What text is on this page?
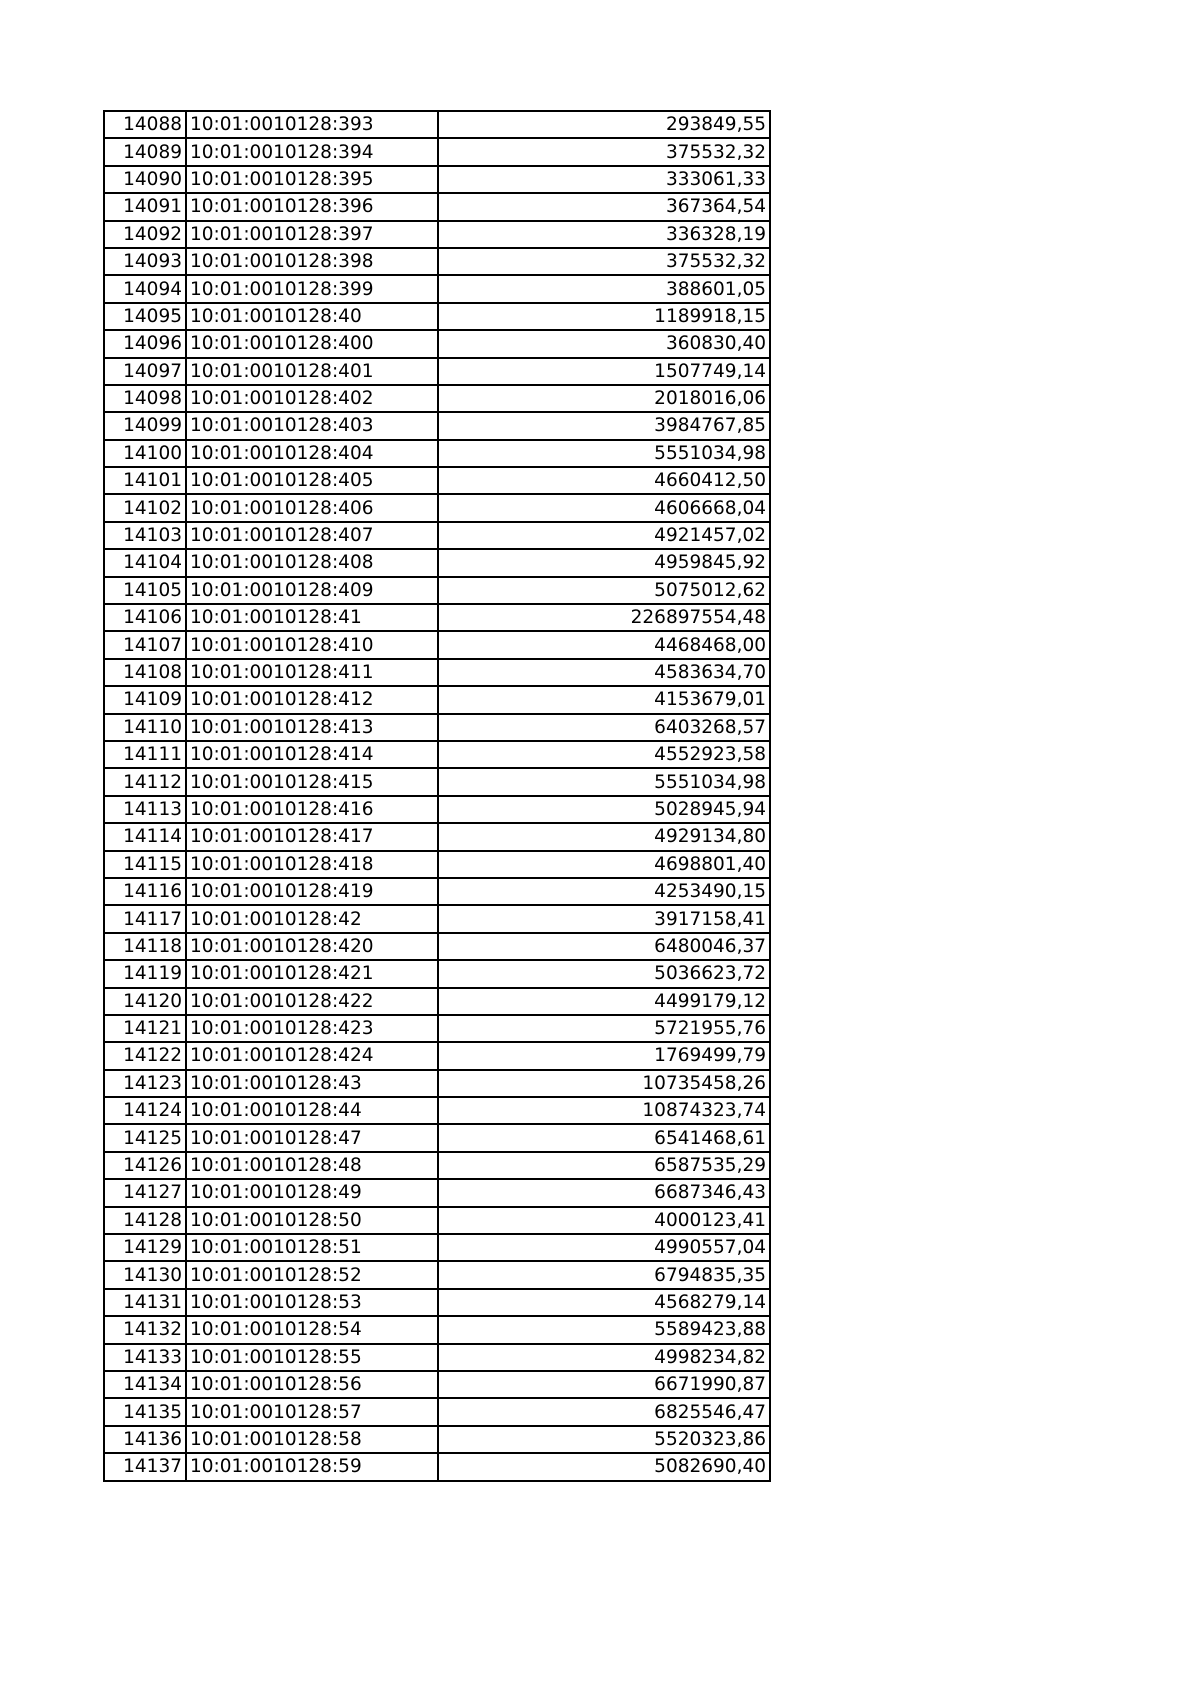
14088	10:01:0010128:393	293849,55
14089	10:01:0010128:394	375532,32
14090	10:01:0010128:395	333061,33
14091	10:01:0010128:396	367364,54
14092	10:01:0010128:397	336328,19
14093	10:01:0010128:398	375532,32
14094	10:01:0010128:399	388601,05
14095	10:01:0010128:40	1189918,15
14096	10:01:0010128:400	360830,40
14097	10:01:0010128:401	1507749,14
14098	10:01:0010128:402	2018016,06
14099	10:01:0010128:403	3984767,85
14100	10:01:0010128:404	5551034,98
14101	10:01:0010128:405	4660412,50
14102	10:01:0010128:406	4606668,04
14103	10:01:0010128:407	4921457,02
14104	10:01:0010128:408	4959845,92
14105	10:01:0010128:409	5075012,62
14106	10:01:0010128:41	226897554,48
14107	10:01:0010128:410	4468468,00
14108	10:01:0010128:411	4583634,70
14109	10:01:0010128:412	4153679,01
14110	10:01:0010128:413	6403268,57
14111	10:01:0010128:414	4552923,58
14112	10:01:0010128:415	5551034,98
14113	10:01:0010128:416	5028945,94
14114	10:01:0010128:417	4929134,80
14115	10:01:0010128:418	4698801,40
14116	10:01:0010128:419	4253490,15
14117	10:01:0010128:42	3917158,41
14118	10:01:0010128:420	6480046,37
14119	10:01:0010128:421	5036623,72
14120	10:01:0010128:422	4499179,12
14121	10:01:0010128:423	5721955,76
14122	10:01:0010128:424	1769499,79
14123	10:01:0010128:43	10735458,26
14124	10:01:0010128:44	10874323,74
14125	10:01:0010128:47	6541468,61
14126	10:01:0010128:48	6587535,29
14127	10:01:0010128:49	6687346,43
14128	10:01:0010128:50	4000123,41
14129	10:01:0010128:51	4990557,04
14130	10:01:0010128:52	6794835,35
14131	10:01:0010128:53	4568279,14
14132	10:01:0010128:54	5589423,88
14133	10:01:0010128:55	4998234,82
14134	10:01:0010128:56	6671990,87
14135	10:01:0010128:57	6825546,47
14136	10:01:0010128:58	5520323,86
14137	10:01:0010128:59	5082690,40
